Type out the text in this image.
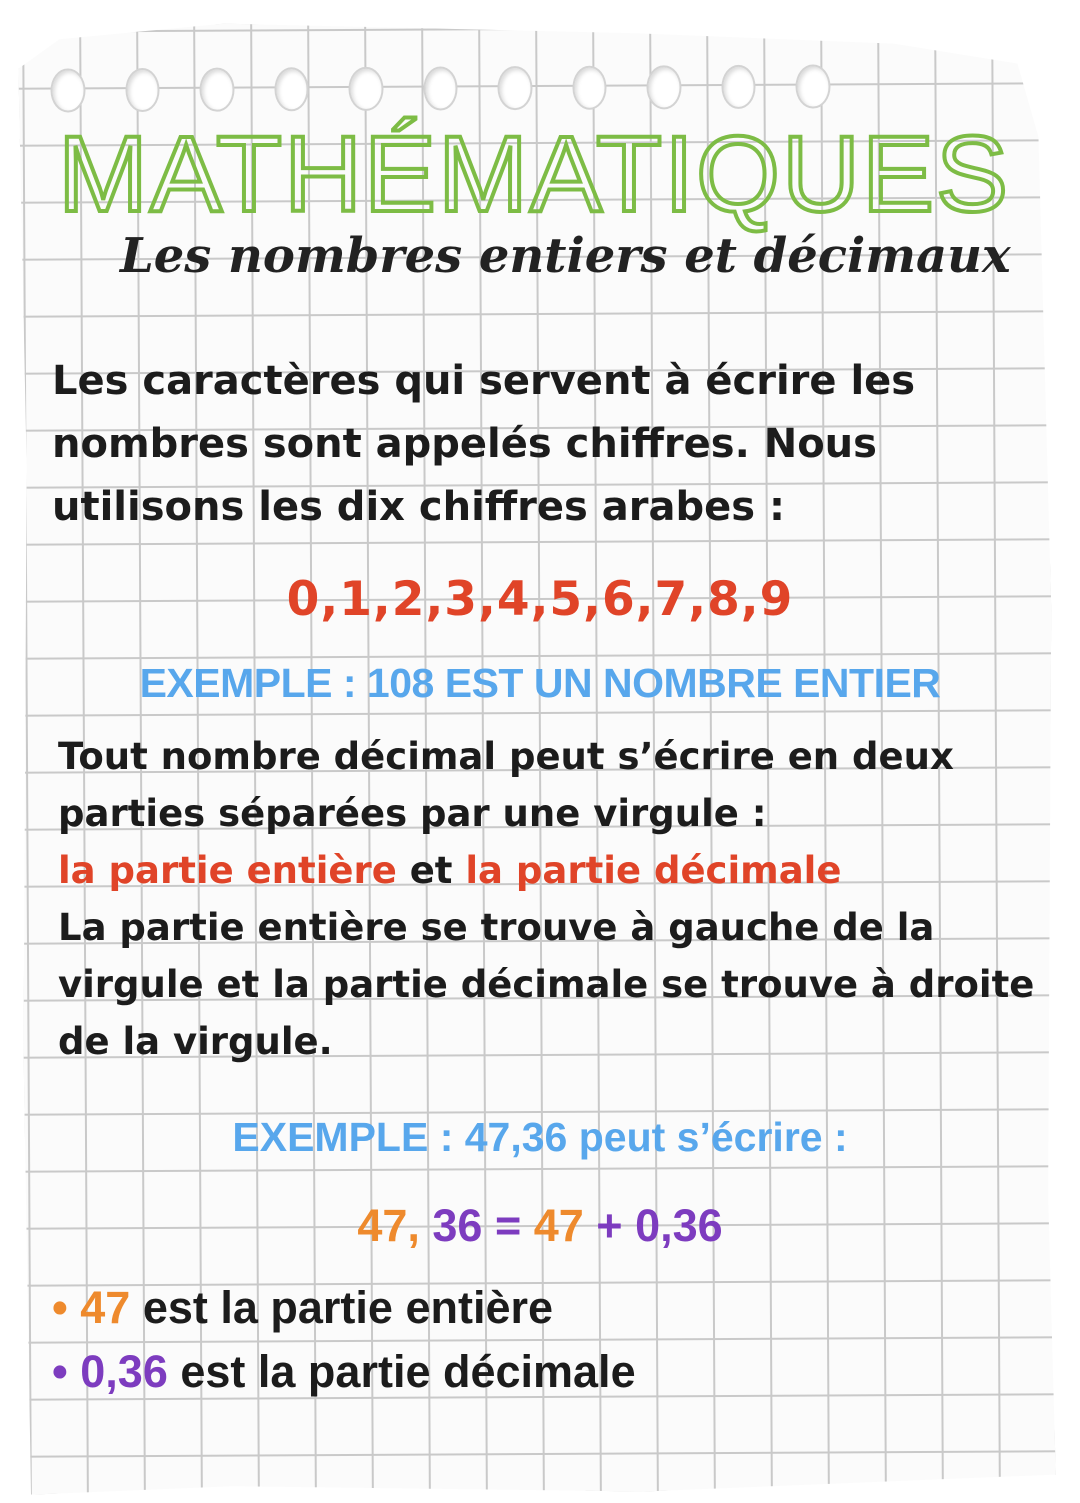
MATHÉMATIQUES
Les nombres entiers et décimaux
Les caractères qui servent à écrire les
nombres sont appelés chiffres. Nous
utilisons les dix chiffres arabes :
0,1,2,3,4,5,6,7,8,9
EXEMPLE : 108 EST UN NOMBRE ENTIER
Tout nombre décimal peut s’écrire en deux
parties séparées par une virgule :
la partie entière et la partie décimale
La partie entière se trouve à gauche de la
virgule et la partie décimale se trouve à droite
de la virgule.
EXEMPLE : 47,36 peut s’écrire :
47, 36 = 47 + 0,36
• 47 est la partie entière
• 0,36 est la partie décimale
